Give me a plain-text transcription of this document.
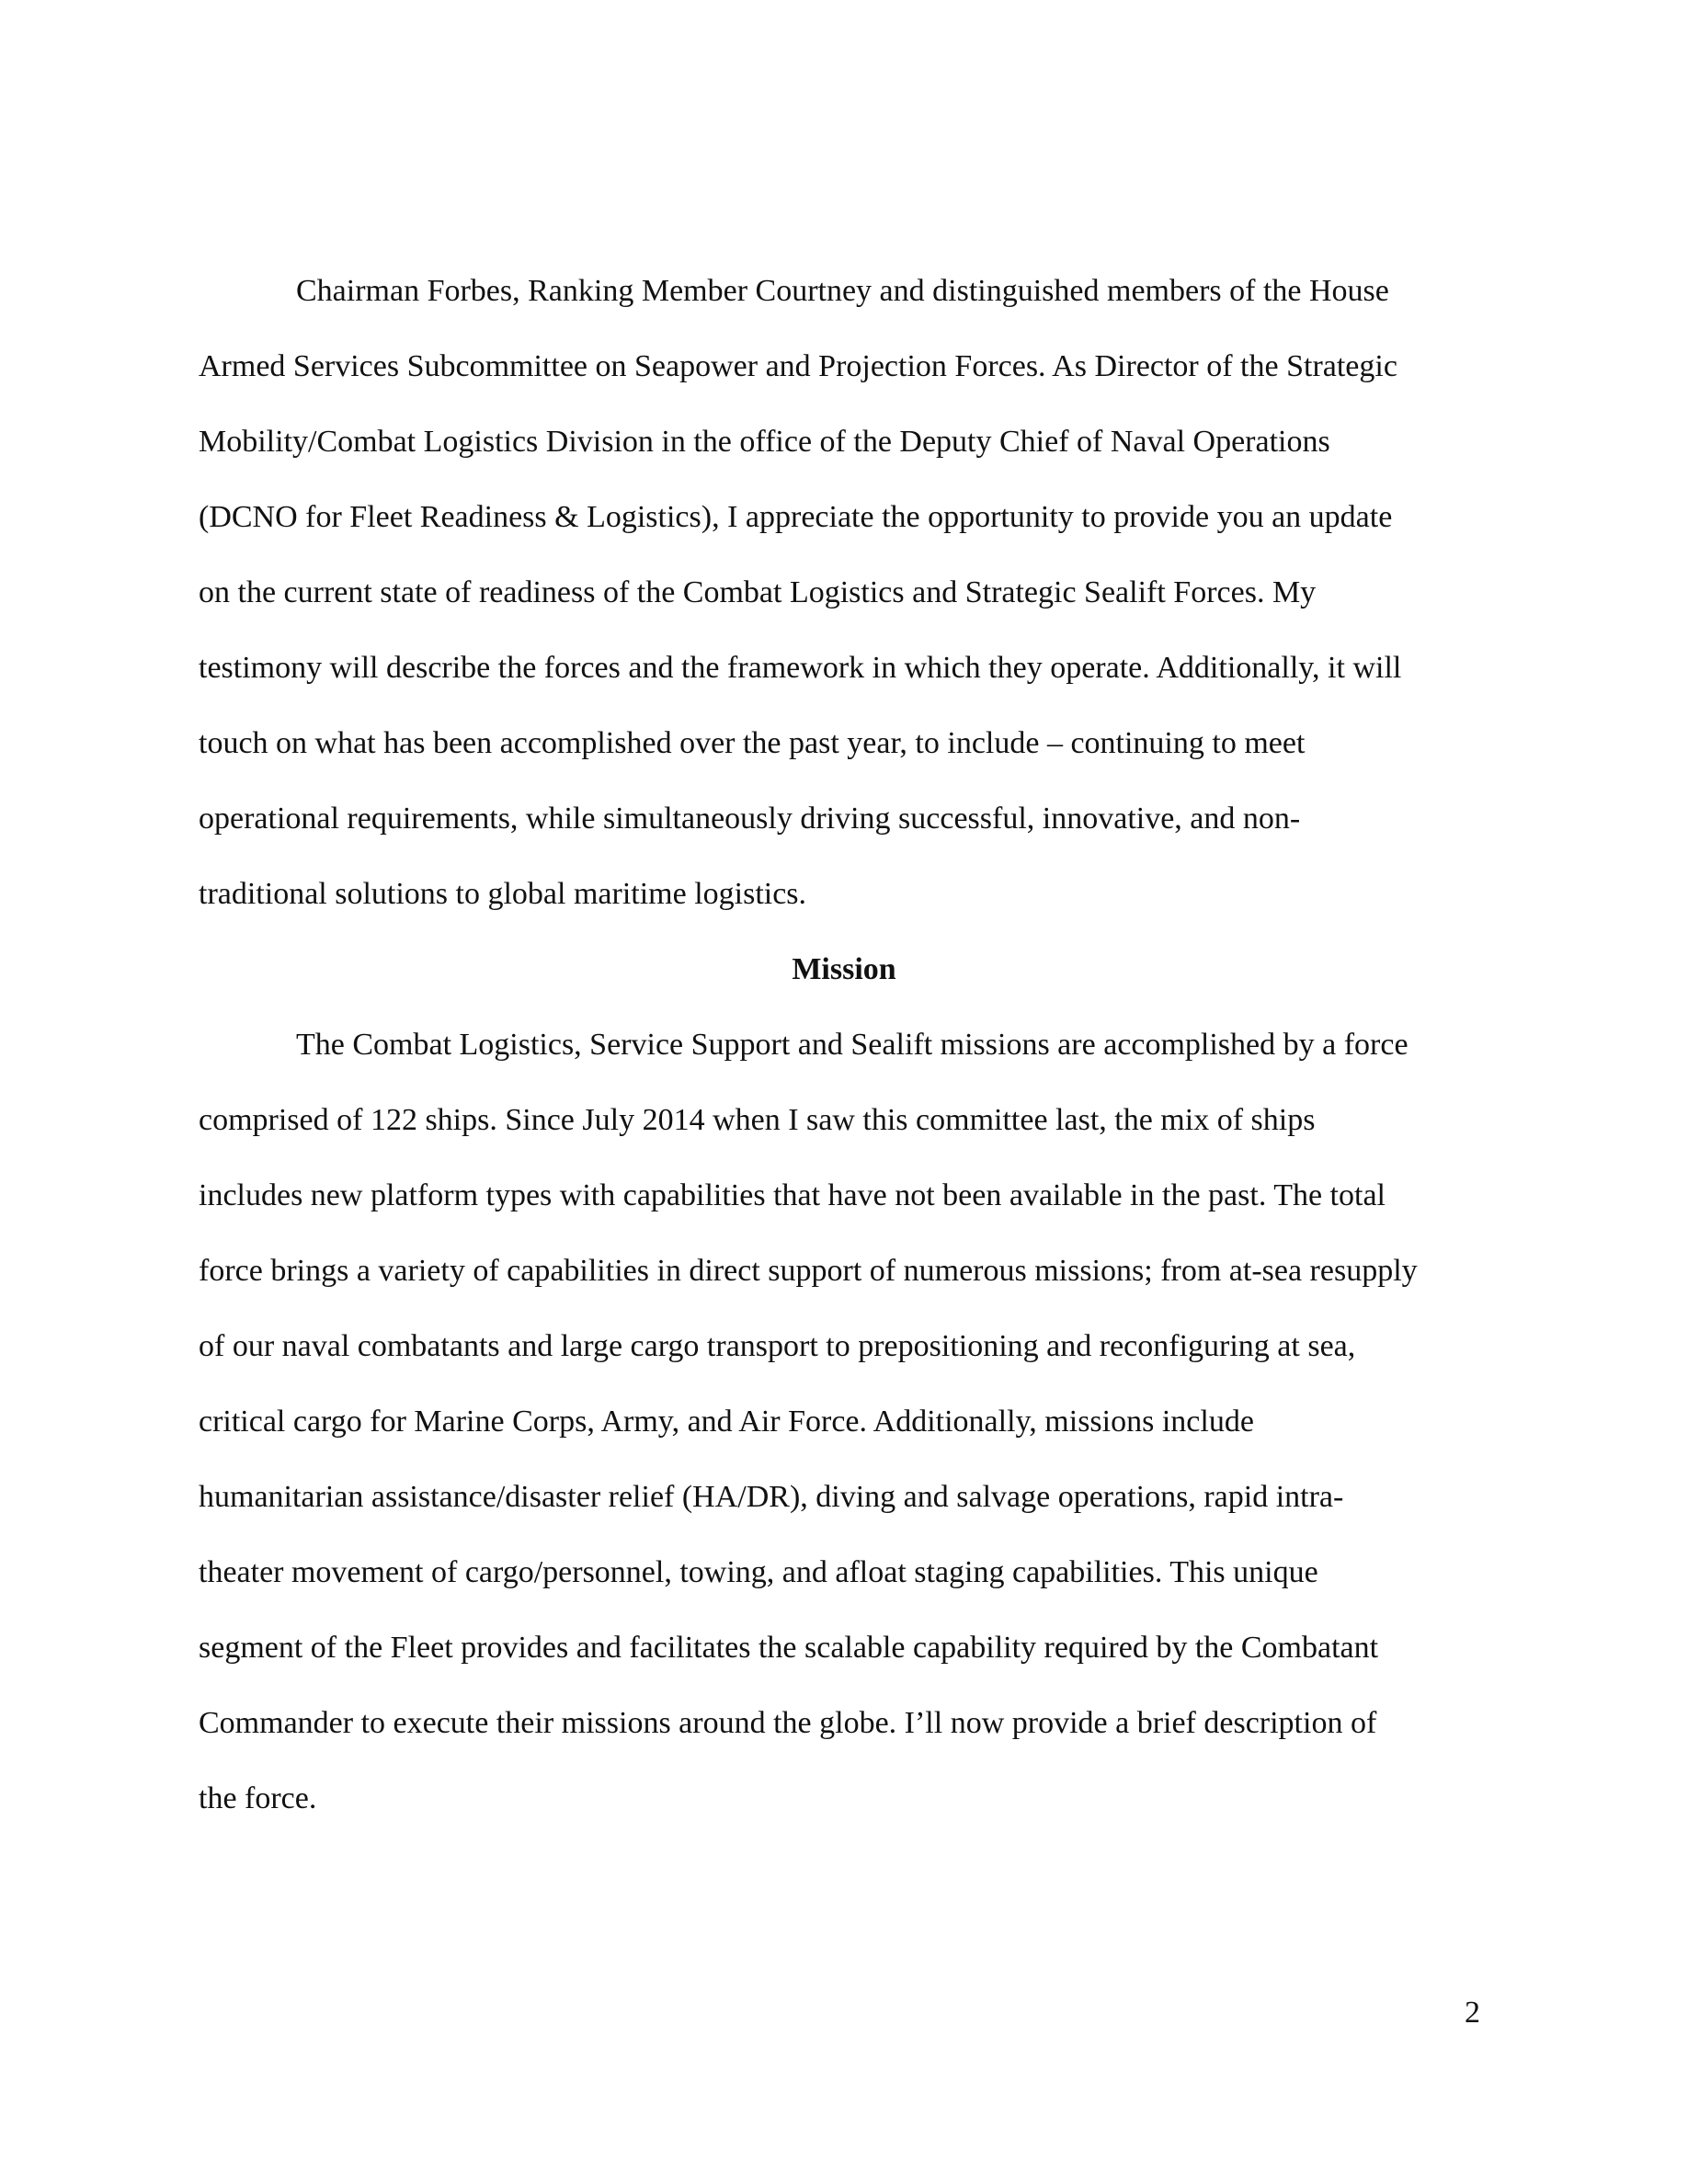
Chairman Forbes, Ranking Member Courtney and distinguished members of the House
Armed Services Subcommittee on Seapower and Projection Forces. As Director of the Strategic
Mobility/Combat Logistics Division in the office of the Deputy Chief of Naval Operations
(DCNO for Fleet Readiness & Logistics), I appreciate the opportunity to provide you an update
on the current state of readiness of the Combat Logistics and Strategic Sealift Forces. My
testimony will describe the forces and the framework in which they operate. Additionally, it will
touch on what has been accomplished over the past year, to include – continuing to meet
operational requirements, while simultaneously driving successful, innovative, and non-
traditional solutions to global maritime logistics.
Mission
The Combat Logistics, Service Support and Sealift missions are accomplished by a force
comprised of 122 ships. Since July 2014 when I saw this committee last, the mix of ships
includes new platform types with capabilities that have not been available in the past. The total
force brings a variety of capabilities in direct support of numerous missions; from at-sea resupply
of our naval combatants and large cargo transport to prepositioning and reconfiguring at sea,
critical cargo for Marine Corps, Army, and Air Force. Additionally, missions include
humanitarian assistance/disaster relief (HA/DR), diving and salvage operations, rapid intra-
theater movement of cargo/personnel, towing, and afloat staging capabilities. This unique
segment of the Fleet provides and facilitates the scalable capability required by the Combatant
Commander to execute their missions around the globe. I’ll now provide a brief description of
the force.
2
